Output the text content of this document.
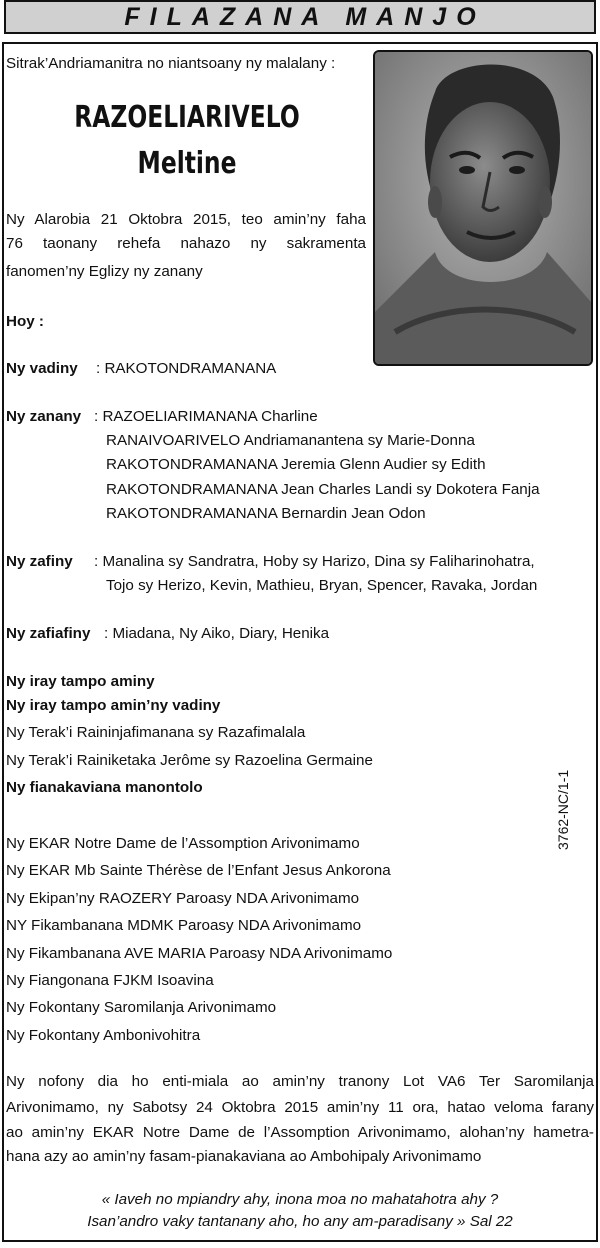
FILAZANA MANJO
Sitrak’Andriamanitra no niantsoany ny malalany :
RAZOELIARIVELO
Meltine
Ny Alarobia 21 Oktobra 2015, teo amin’ny faha
76 taonany rehefa nahazo ny sakramenta
fanomen’ny Eglizy ny zanany
Hoy :
Ny vadiny : RAKOTONDRAMANANA
Ny zanany : RAZOELIARIMANANA Charline
RANAIVOARIVELO Andriamanantena sy Marie-Donna
RAKOTONDRAMANANA Jeremia Glenn Audier sy Edith
RAKOTONDRAMANANA Jean Charles Landi sy Dokotera Fanja
RAKOTONDRAMANANA Bernardin Jean Odon
Ny zafiny : Manalina sy Sandratra, Hoby sy Harizo, Dina sy Faliharinohatra,
Tojo sy Herizo, Kevin, Mathieu, Bryan, Spencer, Ravaka, Jordan
Ny zafiafiny : Miadana, Ny Aiko, Diary, Henika
Ny iray tampo aminy
Ny iray tampo amin’ny vadiny
Ny Terak’i Raininjafimanana sy Razafimalala
Ny Terak’i Rainiketaka Jerôme sy Razoelina Germaine
Ny fianakaviana manontolo	3762-NC/1-1
Ny EKAR Notre Dame de l’Assomption Arivonimamo
Ny EKAR Mb Sainte Thérèse de l’Enfant Jesus Ankorona
Ny Ekipan’ny RAOZERY Paroasy NDA Arivonimamo
NY Fikambanana MDMK Paroasy NDA Arivonimamo
Ny Fikambanana AVE MARIA Paroasy NDA Arivonimamo
Ny Fiangonana FJKM Isoavina
Ny Fokontany Saromilanja Arivonimamo
Ny Fokontany Ambonivohitra
Ny nofony dia ho enti-miala ao amin’ny tranony Lot VA6 Ter Saromilanja
Arivonimamo, ny Sabotsy 24 Oktobra 2015 amin’ny 11 ora, hatao veloma farany
ao amin’ny EKAR Notre Dame de l’Assomption Arivonimamo, alohan’ny hametra-
hana azy ao amin’ny fasam-pianakaviana ao Ambohipaly Arivonimamo
« Iaveh no mpiandry ahy, inona moa no mahatahotra ahy ?
Isan’andro vaky tantanany aho, ho any am-paradisany » Sal 22
